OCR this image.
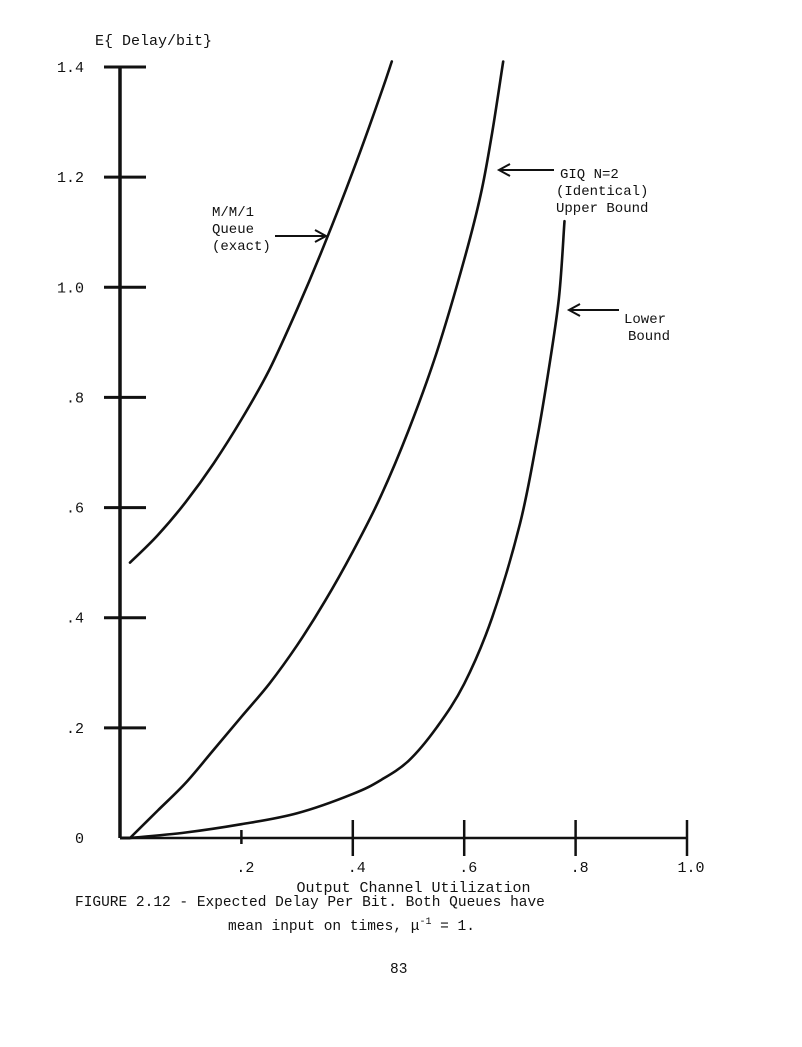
E{ Delay/bit}
0
.2
.4
.6
.8
1.0
1.2
1.4
.2	.4	.6	.8	1.0
M/M/1
Queue
(exact)
GIQ N=2
(Identical)
Upper Bound
Lower
Bound
Output Channel Utilization
FIGURE 2.12 - Expected Delay Per Bit. Both Queues have
mean input on times, $\mu^{-1} = 1$.
83
